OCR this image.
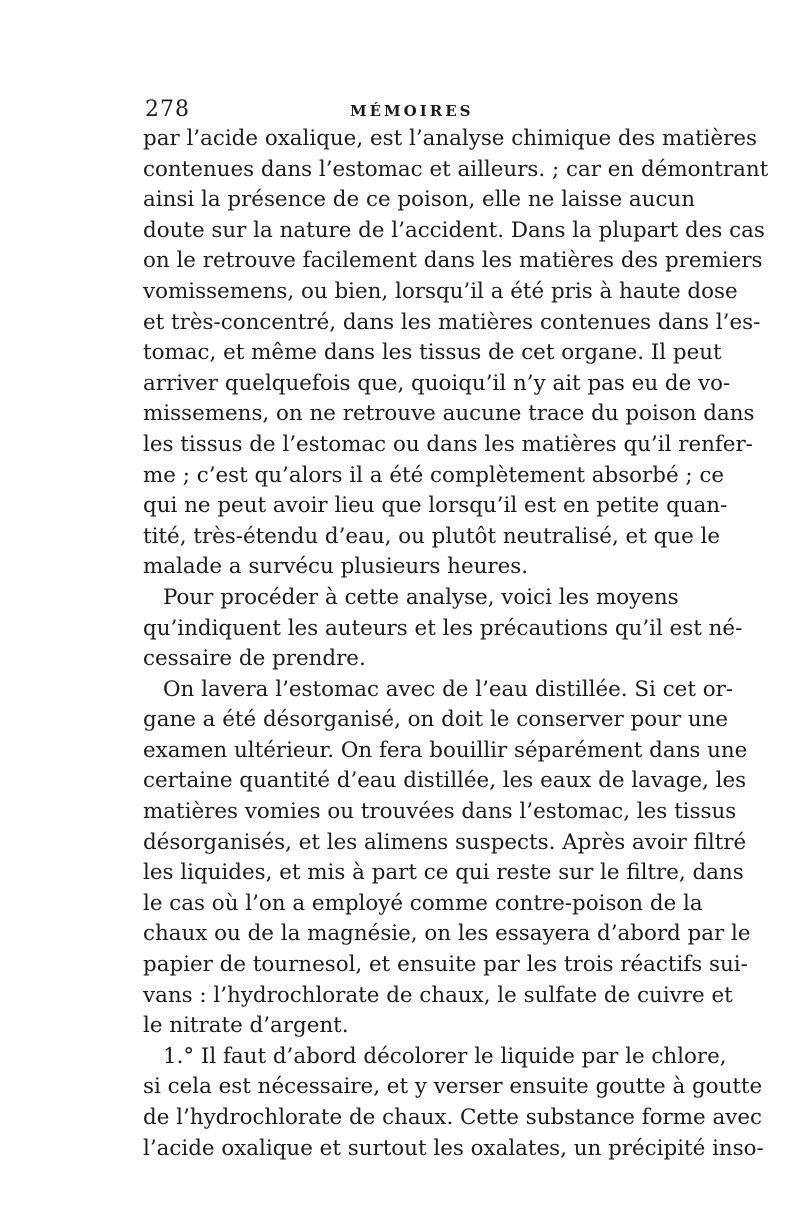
278	MÉMOIRES
par l’acide oxalique, est l’analyse chimique des matières
contenues dans l’estomac et ailleurs. ; car en démontrant
ainsi la présence de ce poison, elle ne laisse aucun
doute sur la nature de l’accident. Dans la plupart des cas
on le retrouve facilement dans les matières des premiers
vomissemens, ou bien, lorsqu’il a été pris à haute dose
et très-concentré, dans les matières contenues dans l’es-
tomac, et même dans les tissus de cet organe. Il peut
arriver quelquefois que, quoiqu’il n’y ait pas eu de vo-
missemens, on ne retrouve aucune trace du poison dans
les tissus de l’estomac ou dans les matières qu’il renfer-
me ; c’est qu’alors il a été complètement absorbé ; ce
qui ne peut avoir lieu que lorsqu’il est en petite quan-
tité, très-étendu d’eau, ou plutôt neutralisé, et que le
malade a survécu plusieurs heures.
Pour procéder à cette analyse, voici les moyens
qu’indiquent les auteurs et les précautions qu’il est né-
cessaire de prendre.
On lavera l’estomac avec de l’eau distillée. Si cet or-
gane a été désorganisé, on doit le conserver pour une
examen ultérieur. On fera bouillir séparément dans une
certaine quantité d’eau distillée, les eaux de lavage, les
matières vomies ou trouvées dans l’estomac, les tissus
désorganisés, et les alimens suspects. Après avoir filtré
les liquides, et mis à part ce qui reste sur le filtre, dans
le cas où l’on a employé comme contre-poison de la
chaux ou de la magnésie, on les essayera d’abord par le
papier de tournesol, et ensuite par les trois réactifs sui-
vans : l’hydrochlorate de chaux, le sulfate de cuivre et
le nitrate d’argent.
1.° Il faut d’abord décolorer le liquide par le chlore,
si cela est nécessaire, et y verser ensuite goutte à goutte
de l’hydrochlorate de chaux. Cette substance forme avec
l’acide oxalique et surtout les oxalates, un précipité inso-
